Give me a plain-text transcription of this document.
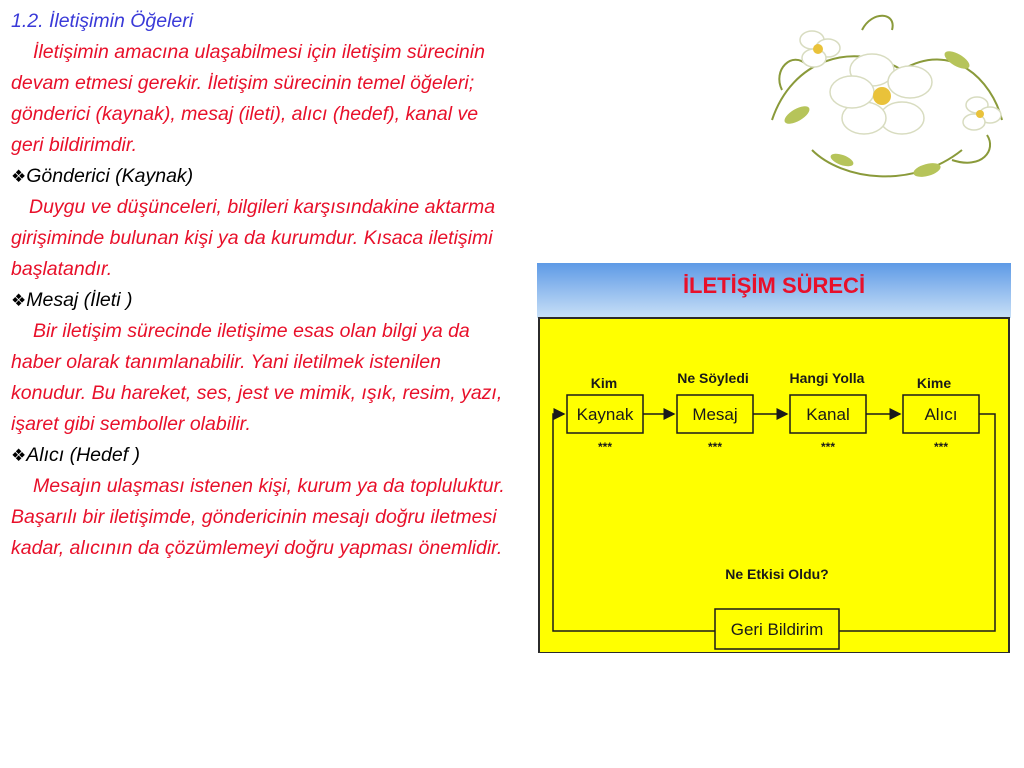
1.2. İletişimin Öğeleri

İletişimin amacına ulaşabilmesi için iletişim sürecinin devam etmesi gerekir. İletişim sürecinin temel öğeleri; gönderici (kaynak), mesaj (ileti), alıcı (hedef), kanal ve geri bildirimdir.

❖Gönderici (Kaynak)

Duygu ve düşünceleri, bilgileri karşısındakine aktarma girişiminde bulunan kişi ya da kurumdur. Kısaca iletişimi başlatandır.

❖Mesaj (İleti )

Bir iletişim sürecinde iletişime esas olan bilgi ya da haber olarak tanımlanabilir. Yani iletilmek istenilen konudur. Bu hareket, ses, jest ve mimik, ışık, resim, yazı, işaret gibi semboller olabilir.

❖Alıcı (Hedef )

Mesajın ulaşması istenen kişi, kurum ya da topluluktur. Başarılı bir iletişimde, göndericinin mesajı doğru iletmesi kadar, alıcının da çözümlemeyi doğru yapması önemlidir.

İLETİŞİM SÜRECİ
Kim	Ne Söyledi	Hangi Yolla	Kime
Kaynak	Mesaj	Kanal	Alıcı
***	***	***	***
Ne Etkisi Oldu?
Geri Bildirim
